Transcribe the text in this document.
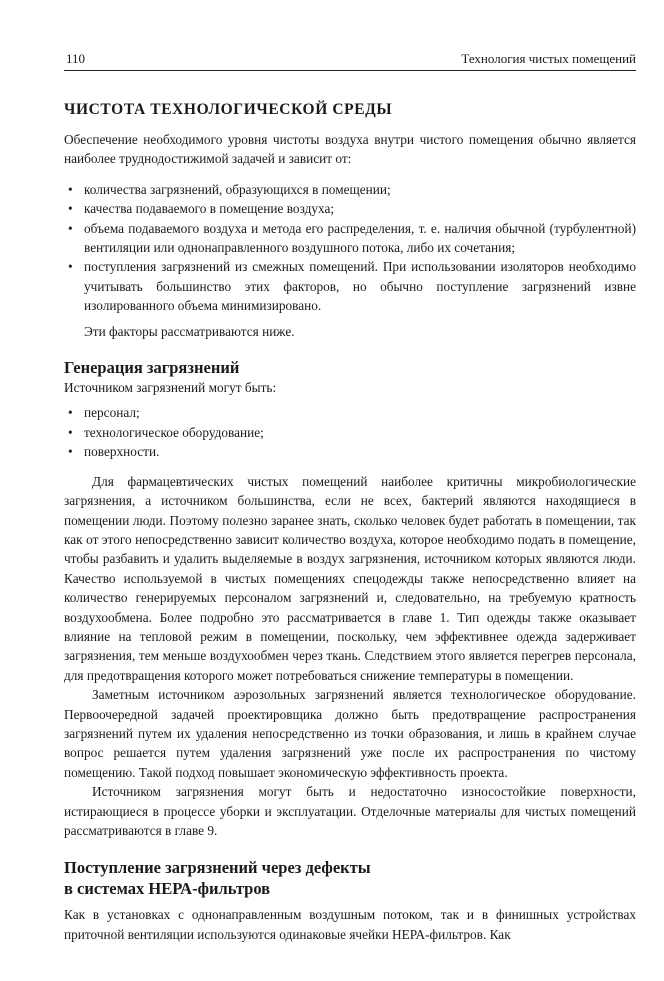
110	Технология чистых помещений
ЧИСТОТА ТЕХНОЛОГИЧЕСКОЙ СРЕДЫ

Обеспечение необходимого уровня чистоты воздуха внутри чистого помещения обычно является наиболее труднодостижимой задачей и зависит от:

• количества загрязнений, образующихся в помещении;
• качества подаваемого в помещение воздуха;
• объема подаваемого воздуха и метода его распределения, т. е. наличия обычной (турбулентной) вентиляции или однонаправленного воздушного потока, либо их сочетания;
• поступления загрязнений из смежных помещений. При использовании изоляторов необходимо учитывать большинство этих факторов, но обычно поступление загрязнений извне изолированного объема минимизировано.

Эти факторы рассматриваются ниже.

Генерация загрязнений

Источником загрязнений могут быть:

• персонал;
• технологическое оборудование;
• поверхности.

Для фармацевтических чистых помещений наиболее критичны микробиологические загрязнения, а источником большинства, если не всех, бактерий являются находящиеся в помещении люди. Поэтому полезно заранее знать, сколько человек будет работать в помещении, так как от этого непосредственно зависит количество воздуха, которое необходимо подать в помещение, чтобы разбавить и удалить выделяемые в воздух загрязнения, источником которых являются люди. Качество используемой в чистых помещениях спецодежды также непосредственно влияет на количество генерируемых персоналом загрязнений и, следовательно, на требуемую кратность воздухообмена. Более подробно это рассматривается в главе 1. Тип одежды также оказывает влияние на тепловой режим в помещении, поскольку, чем эффективнее одежда задерживает загрязнения, тем меньше воздухообмен через ткань. Следствием этого является перегрев персонала, для предотвращения которого может потребоваться снижение температуры в помещении.

Заметным источником аэрозольных загрязнений является технологическое оборудование. Первоочередной задачей проектировщика должно быть предотвращение распространения загрязнений путем их удаления непосредственно из точки образования, и лишь в крайнем случае вопрос решается путем удаления загрязнений уже после их распространения по чистому помещению. Такой подход повышает экономическую эффективность проекта.

Источником загрязнения могут быть и недостаточно износостойкие поверхности, истирающиеся в процессе уборки и эксплуатации. Отделочные материалы для чистых помещений рассматриваются в главе 9.

Поступление загрязнений через дефекты
в системах НЕРА-фильтров

Как в установках с однонаправленным воздушным потоком, так и в финишных устройствах приточной вентиляции используются одинаковые ячейки НЕРА-фильтров. Как
